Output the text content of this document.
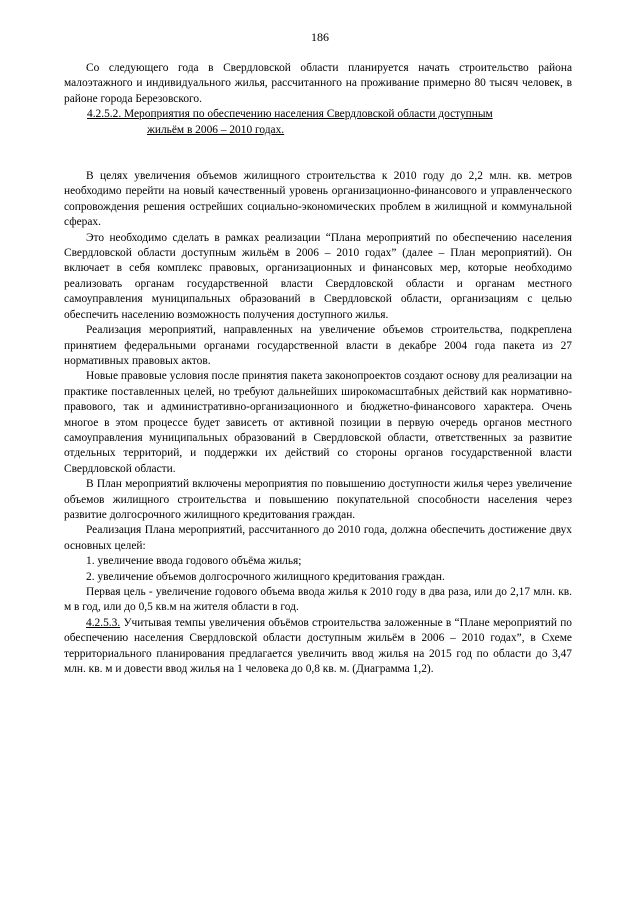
186

Со следующего года в Свердловской области планируется начать строительство района малоэтажного и индивидуального жилья, рассчитанного на проживание примерно 80 тысяч человек, в районе города Березовского.

4.2.5.2. Мероприятия по обеспечению населения Свердловской области доступным
жильём в 2006 – 2010 годах.

В целях увеличения объемов жилищного строительства к 2010 году до 2,2 млн. кв. метров необходимо перейти на новый качественный уровень организационно-финансового и управленческого сопровождения решения острейших социально-экономических проблем в жилищной и коммунальной сферах.

Это необходимо сделать в рамках реализации “Плана мероприятий по обеспечению населения Свердловской области доступным жильём в 2006 – 2010 годах” (далее – План мероприятий). Он включает в себя комплекс правовых, организационных и финансовых мер, которые необходимо реализовать органам государственной власти Свердловской области и органам местного самоуправления муниципальных образований в Свердловской области, организациям с целью обеспечить населению возможность получения доступного жилья.

Реализация мероприятий, направленных на увеличение объемов строительства, подкреплена принятием федеральными органами государственной власти в декабре 2004 года пакета из 27 нормативных правовых актов.

Новые правовые условия после принятия пакета законопроектов создают основу для реализации на практике поставленных целей, но требуют дальнейших широкомасштабных действий как нормативно-правового, так и административно-организационного и бюджетно-финансового характера. Очень многое в этом процессе будет зависеть от активной позиции в первую очередь органов местного самоуправления муниципальных образований в Свердловской области, ответственных за развитие отдельных территорий, и поддержки их действий со стороны органов государственной власти Свердловской области.

В План мероприятий включены мероприятия по повышению доступности жилья через увеличение объемов жилищного строительства и повышению покупательной способности населения через развитие долгосрочного жилищного кредитования граждан.

Реализация Плана мероприятий, рассчитанного до 2010 года, должна обеспечить достижение двух основных целей:

1. увеличение ввода годового объёма жилья;

2. увеличение объемов долгосрочного жилищного кредитования граждан.

Первая цель - увеличение годового объема ввода жилья к 2010 году в два раза, или до 2,17 млн. кв. м в год, или до 0,5 кв.м на жителя области в год.

4.2.5.3. Учитывая темпы увеличения объёмов строительства заложенные в “Плане мероприятий по обеспечению населения Свердловской области доступным жильём в 2006 – 2010 годах”, в Схеме территориального планирования предлагается увеличить ввод жилья на 2015 год по области до 3,47 млн. кв. м и довести ввод жилья на 1 человека до 0,8 кв. м. (Диаграмма 1,2).
